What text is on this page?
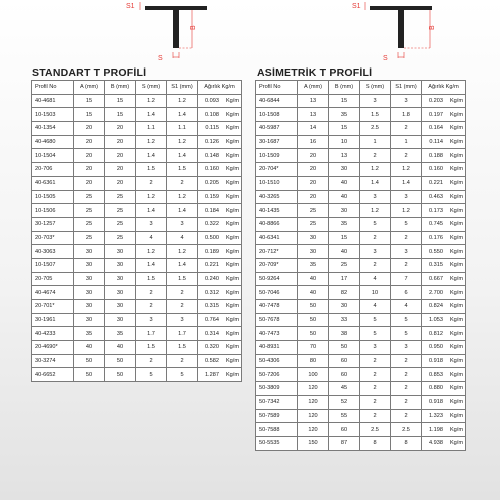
S1
B
S
S1
B
S
STANDART T PROFİLİ	ASİMETRİK T PROFİLİ
Profil No	A (mm)	B (mm)	S (mm)	S1 (mm)	Ağırlık Kg/m
40-4681	15	15	1.2	1.2	0.093 Kg/m
10-1503	15	15	1.4	1.4	0.108 Kg/m
40-1354	20	20	1.1	1.1	0.115 Kg/m
40-4680	20	20	1.2	1.2	0.126 Kg/m
10-1504	20	20	1.4	1.4	0.148 Kg/m
20-706	20	20	1.5	1.5	0.160 Kg/m
40-6361	20	20	2	2	0.205 Kg/m
10-1505	25	25	1.2	1.2	0.159 Kg/m
10-1506	25	25	1.4	1.4	0.184 Kg/m
30-1257	25	25	3	3	0.322 Kg/m
20-703*	25	25	4	4	0.500 Kg/m
40-3063	30	30	1.2	1.2	0.189 Kg/m
10-1507	30	30	1.4	1.4	0.221 Kg/m
20-705	30	30	1.5	1.5	0.240 Kg/m
40-4674	30	30	2	2	0.312 Kg/m
20-701*	30	30	2	2	0.315 Kg/m
30-1961	30	30	3	3	0.764 Kg/m
40-4233	35	35	1.7	1.7	0.314 Kg/m
20-4690*	40	40	1.5	1.5	0.320 Kg/m
30-3274	50	50	2	2	0.582 Kg/m
40-6652	50	50	5	5	1.287 Kg/m
Profil No	A (mm)	B (mm)	S (mm)	S1 (mm)	Ağırlık Kg/m
40-6844	13	15	3	3	0.203 Kg/m
10-1508	13	35	1.5	1.8	0.197 Kg/m
40-5987	14	15	2.5	2	0.164 Kg/m
30-1687	16	10	1	1	0.114 Kg/m
10-1509	20	13	2	2	0.188 Kg/m
20-704*	20	30	1.2	1.2	0.160 Kg/m
10-1510	20	40	1.4	1.4	0.221 Kg/m
40-3265	20	40	3	3	0.463 Kg/m
40-1435	25	30	1.2	1.2	0.173 Kg/m
40-8866	25	35	5	5	0.745 Kg/m
40-6341	30	15	2	2	0.176 Kg/m
20-712*	30	40	3	3	0.550 Kg/m
20-709*	35	25	2	2	0.315 Kg/m
50-9264	40	17	4	7	0.667 Kg/m
50-7046	40	82	10	6	2.700 Kg/m
40-7478	50	30	4	4	0.824 Kg/m
50-7678	50	33	5	5	1.053 Kg/m
40-7473	50	38	5	5	0.812 Kg/m
40-8931	70	50	3	3	0.950 Kg/m
50-4306	80	60	2	2	0.918 Kg/m
50-7206	100	60	2	2	0.853 Kg/m
50-3809	120	45	2	2	0.880 Kg/m
50-7342	120	52	2	2	0.918 Kg/m
50-7589	120	55	2	2	1.323 Kg/m
50-7588	120	60	2.5	2.5	1.198 Kg/m
50-5535	150	87	8	8	4.938 Kg/m
